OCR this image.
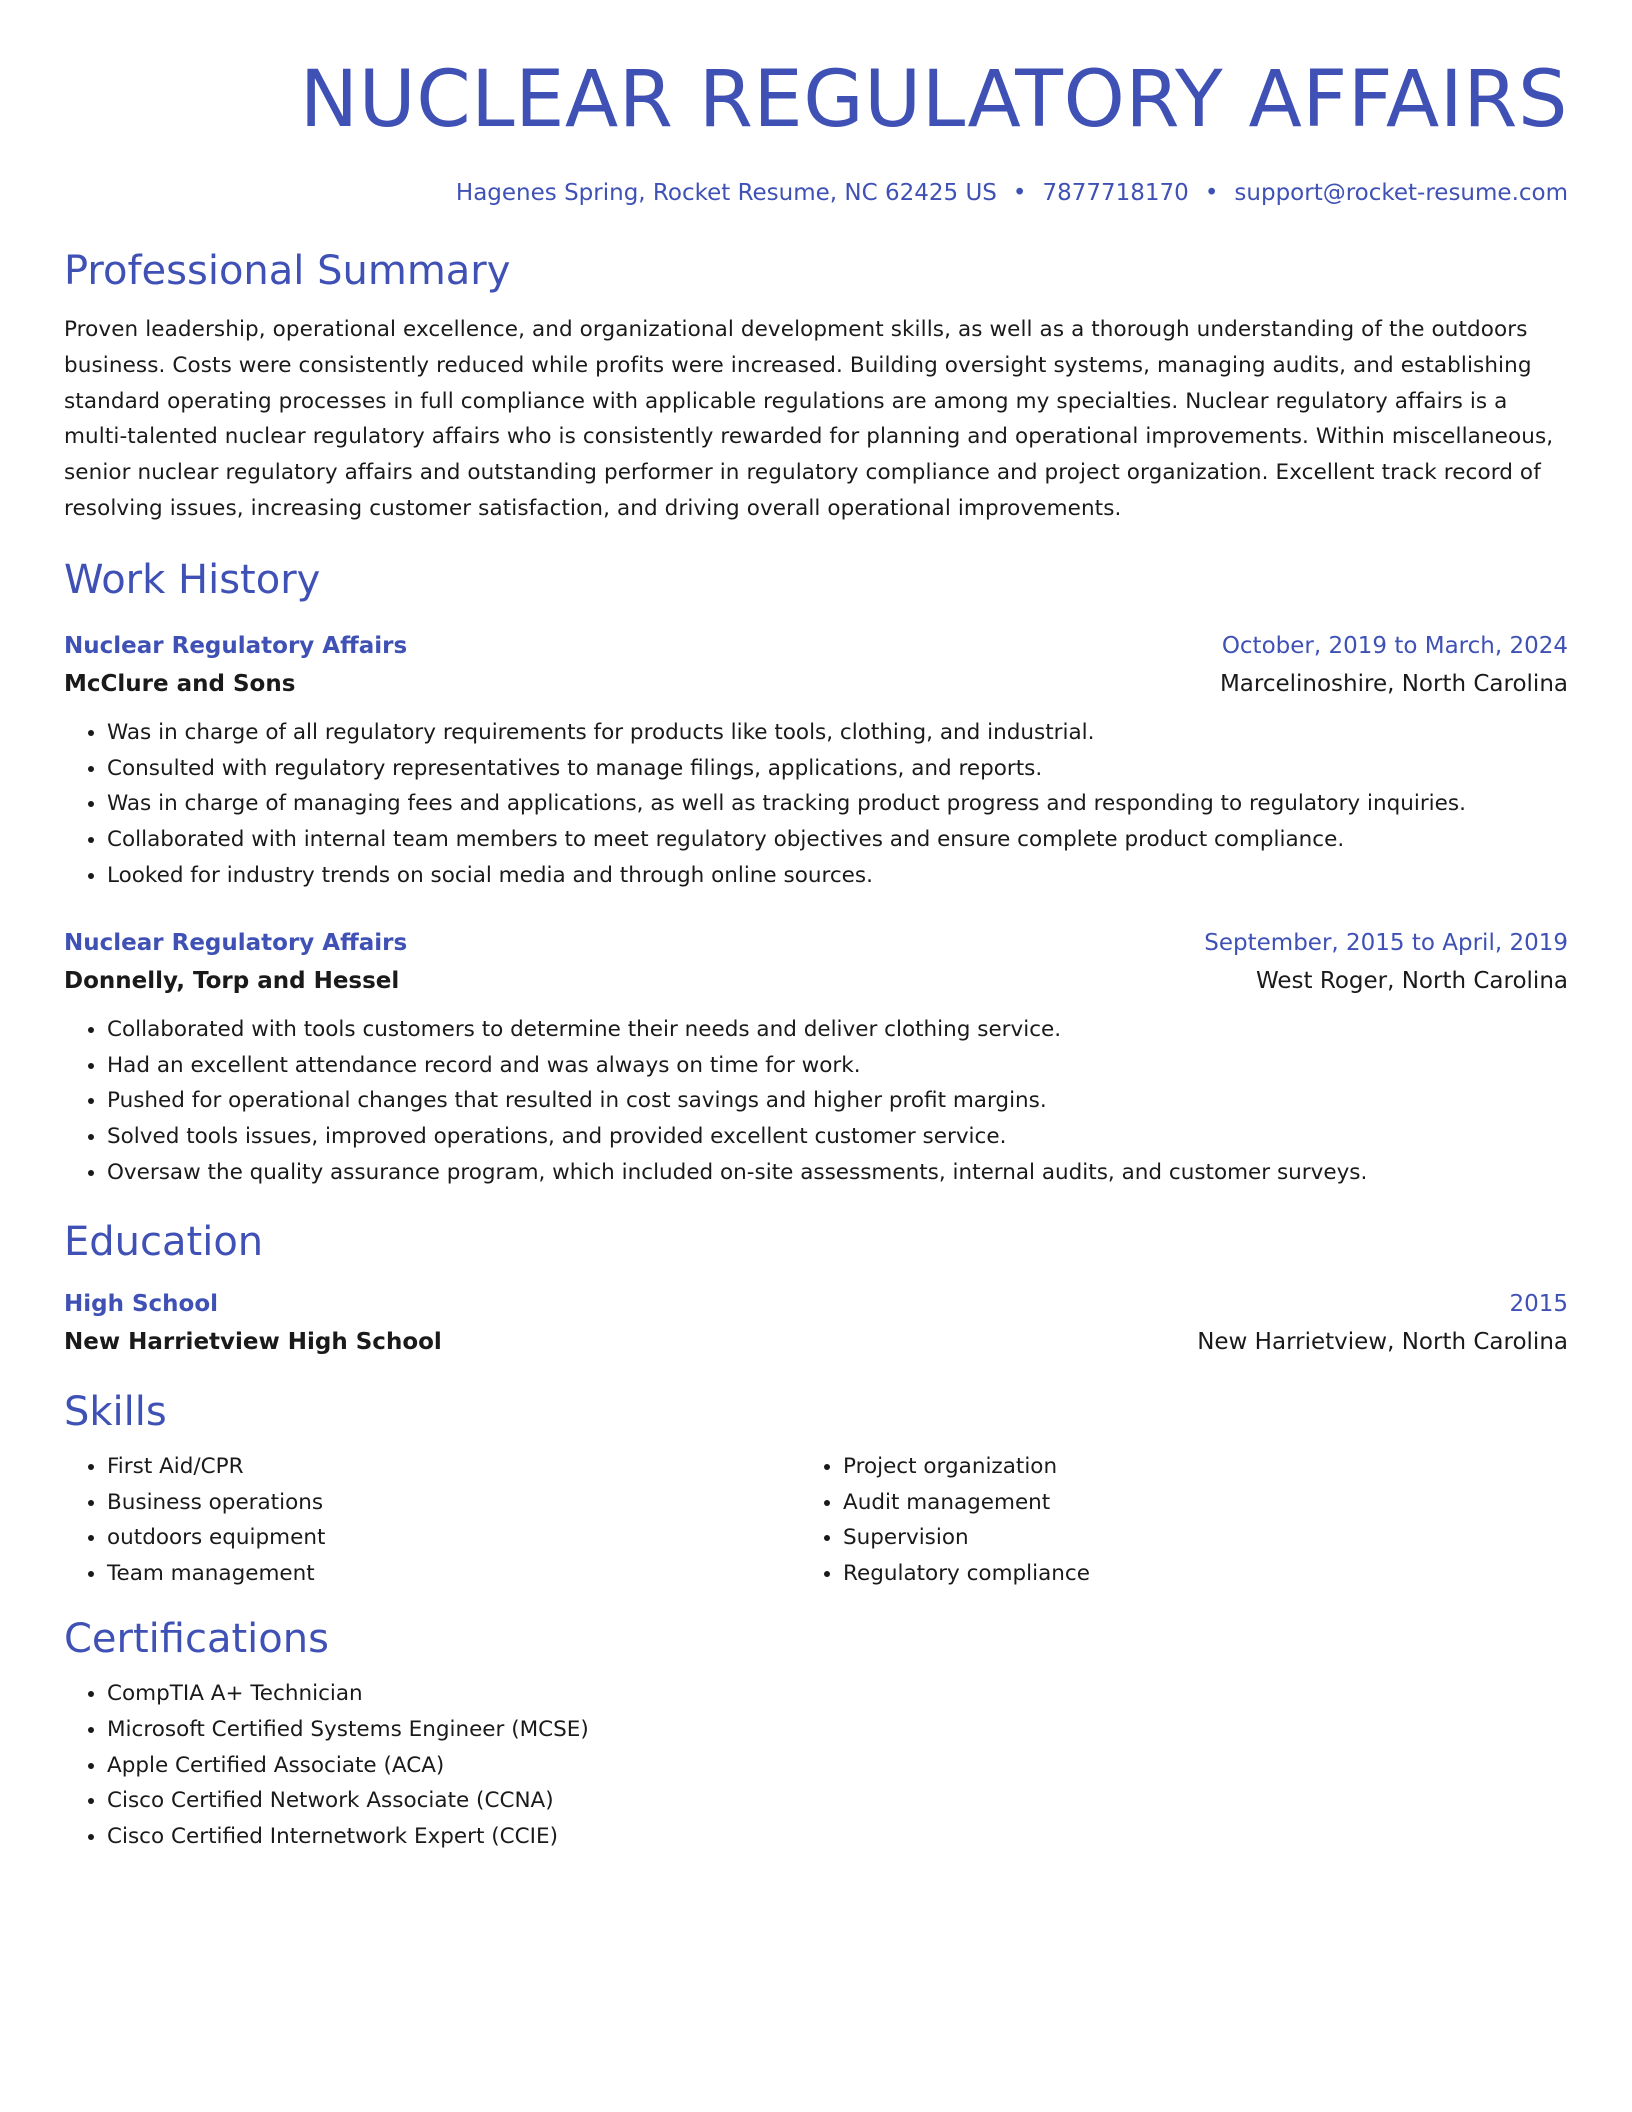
NUCLEAR REGULATORY AFFAIRS
Hagenes Spring, Rocket Resume, NC 62425 US • 7877718170 • support@rocket-resume.com
Professional Summary
Proven leadership, operational excellence, and organizational development skills, as well as a thorough understanding of the outdoors business. Costs were consistently reduced while profits were increased. Building oversight systems, managing audits, and establishing standard operating processes in full compliance with applicable regulations are among my specialties. Nuclear regulatory affairs is a multi-talented nuclear regulatory affairs who is consistently rewarded for planning and operational improvements. Within miscellaneous, senior nuclear regulatory affairs and outstanding performer in regulatory compliance and project organization. Excellent track record of resolving issues, increasing customer satisfaction, and driving overall operational improvements.
Work History
Nuclear Regulatory Affairs	October, 2019 to March, 2024
McClure and Sons	Marcelinoshire, North Carolina
• Was in charge of all regulatory requirements for products like tools, clothing, and industrial.
• Consulted with regulatory representatives to manage filings, applications, and reports.
• Was in charge of managing fees and applications, as well as tracking product progress and responding to regulatory inquiries.
• Collaborated with internal team members to meet regulatory objectives and ensure complete product compliance.
• Looked for industry trends on social media and through online sources.
Nuclear Regulatory Affairs	September, 2015 to April, 2019
Donnelly, Torp and Hessel	West Roger, North Carolina
• Collaborated with tools customers to determine their needs and deliver clothing service.
• Had an excellent attendance record and was always on time for work.
• Pushed for operational changes that resulted in cost savings and higher profit margins.
• Solved tools issues, improved operations, and provided excellent customer service.
• Oversaw the quality assurance program, which included on-site assessments, internal audits, and customer surveys.
Education
High School	2015
New Harrietview High School	New Harrietview, North Carolina
Skills
• First Aid/CPR
• Business operations
• outdoors equipment
• Team management
• Project organization
• Audit management
• Supervision
• Regulatory compliance
Certifications
• CompTIA A+ Technician
• Microsoft Certified Systems Engineer (MCSE)
• Apple Certified Associate (ACA)
• Cisco Certified Network Associate (CCNA)
• Cisco Certified Internetwork Expert (CCIE)
